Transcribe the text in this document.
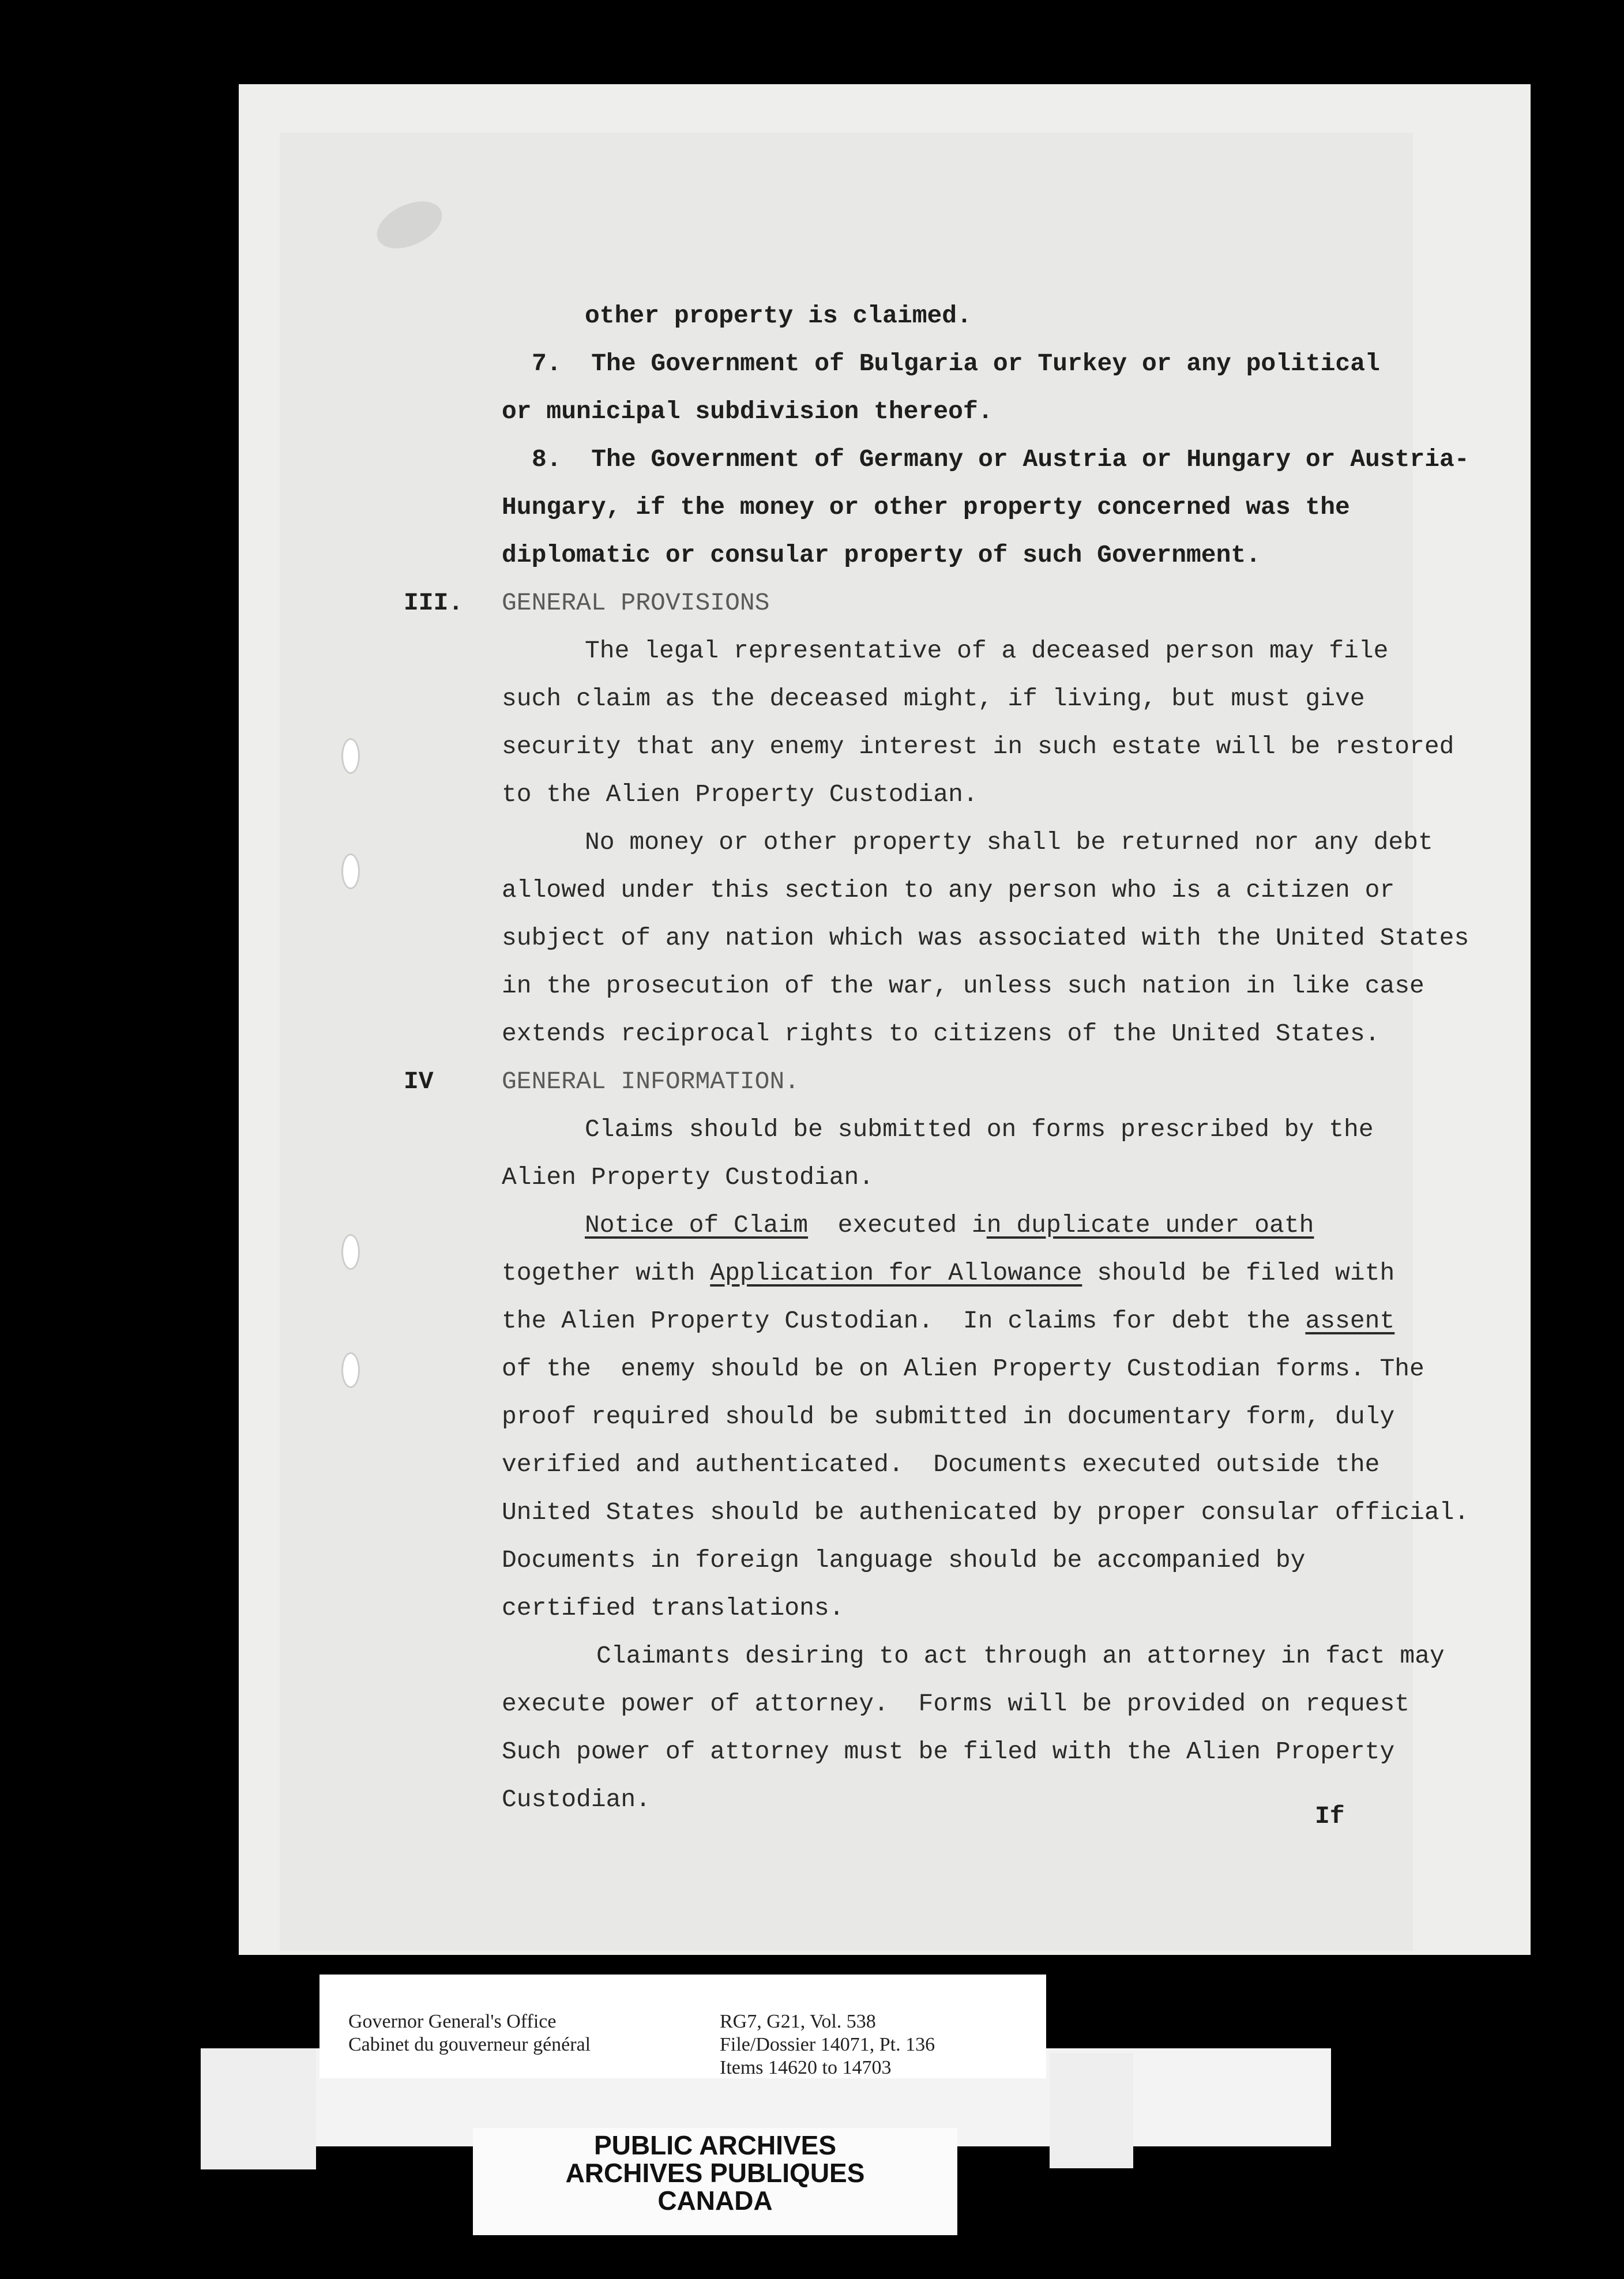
other property is claimed.
7.  The Government of Bulgaria or Turkey or any political
or municipal subdivision thereof.
8.  The Government of Germany or Austria or Hungary or Austria-
Hungary, if the money or other property concerned was the
diplomatic or consular property of such Government.
III. GENERAL PROVISIONS
The legal representative of a deceased person may file
such claim as the deceased might, if living, but must give
security that any enemy interest in such estate will be restored
to the Alien Property Custodian.
No money or other property shall be returned nor any debt
allowed under this section to any person who is a citizen or
subject of any nation which was associated with the United States
in the prosecution of the war, unless such nation in like case
extends reciprocal rights to citizens of the United States.
IV	GENERAL INFORMATION.
Claims should be submitted on forms prescribed by the
Alien Property Custodian.
Notice of Claim  executed in duplicate under oath
together with Application for Allowance should be filed with
the Alien Property Custodian.  In claims for debt the assent
of the  enemy should be on Alien Property Custodian forms. The
proof required should be submitted in documentary form, duly
verified and authenticated.  Documents executed outside the
United States should be authenicated by proper consular official.
Documents in foreign language should be accompanied by
certified translations.
Claimants desiring to act through an attorney in fact may
execute power of attorney.  Forms will be provided on request
Such power of attorney must be filed with the Alien Property
Custodian.
If
Governor General's Office
Cabinet du gouverneur général
RG7, G21, Vol. 538
File/Dossier 14071, Pt. 136
Items 14620 to 14703
PUBLIC ARCHIVES
ARCHIVES PUBLIQUES
CANADA
